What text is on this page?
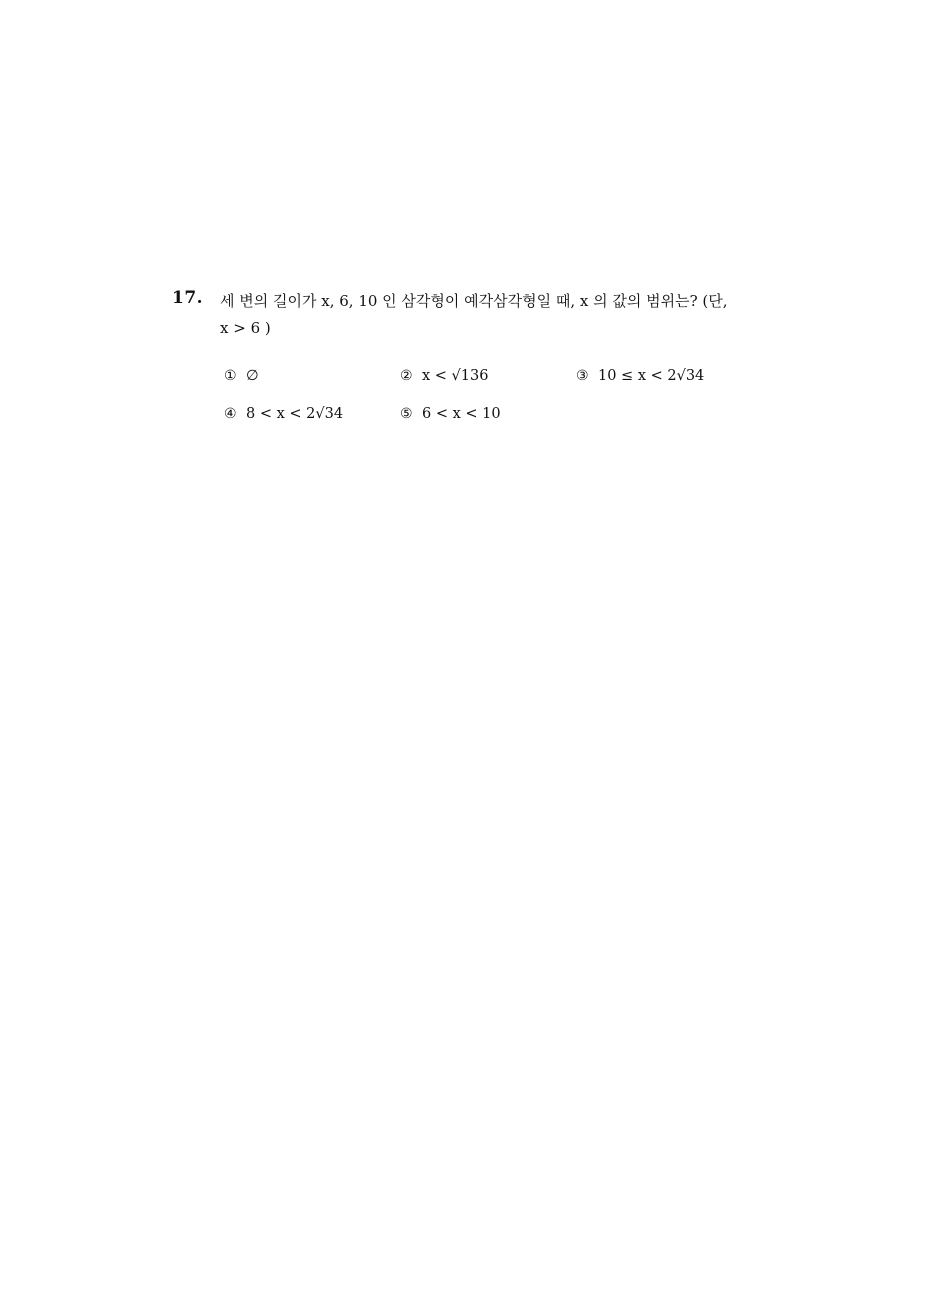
17. 세 변의 길이가 x, 6, 10 인 삼각형이 예각삼각형일 때, x 의 값의 범위는? (단,
x > 6 )
① ∅	② x < √136	③ 10 ≤ x < 2√34
④ 8 < x < 2√34	⑤ 6 < x < 10
